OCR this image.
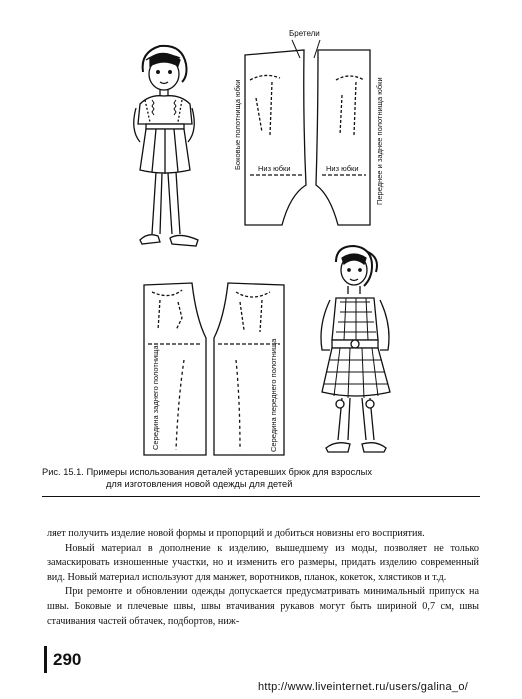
Бретели
Боковые полотнища юбки	Переднее и заднее полотнища юбки
Низ юбки	Низ юбки
Середина заднего полотнища	Середина переднего полотнища
Рис. 15.1. Примеры использования деталей устаревших брюк для взрослых
для изготовления новой одежды для детей

ляет получить изделие новой формы и пропорций и добиться новизны его восприятия.

Новый материал в дополнение к изделию, вышедшему из моды, позволяет не только замаскировать изношенные участки, но и изменить его размеры, придать изделию современный вид. Новый материал используют для манжет, воротников, планок, кокеток, хлястиков и т.д.

При ремонте и обновлении одежды допускается предусматривать минимальный припуск на швы. Боковые и плечевые швы, швы втачивания рукавов могут быть шириной 0,7 см, швы стачивания частей обтачек, подбортов, ниж-

290
http://www.liveinternet.ru/users/galina_o/
